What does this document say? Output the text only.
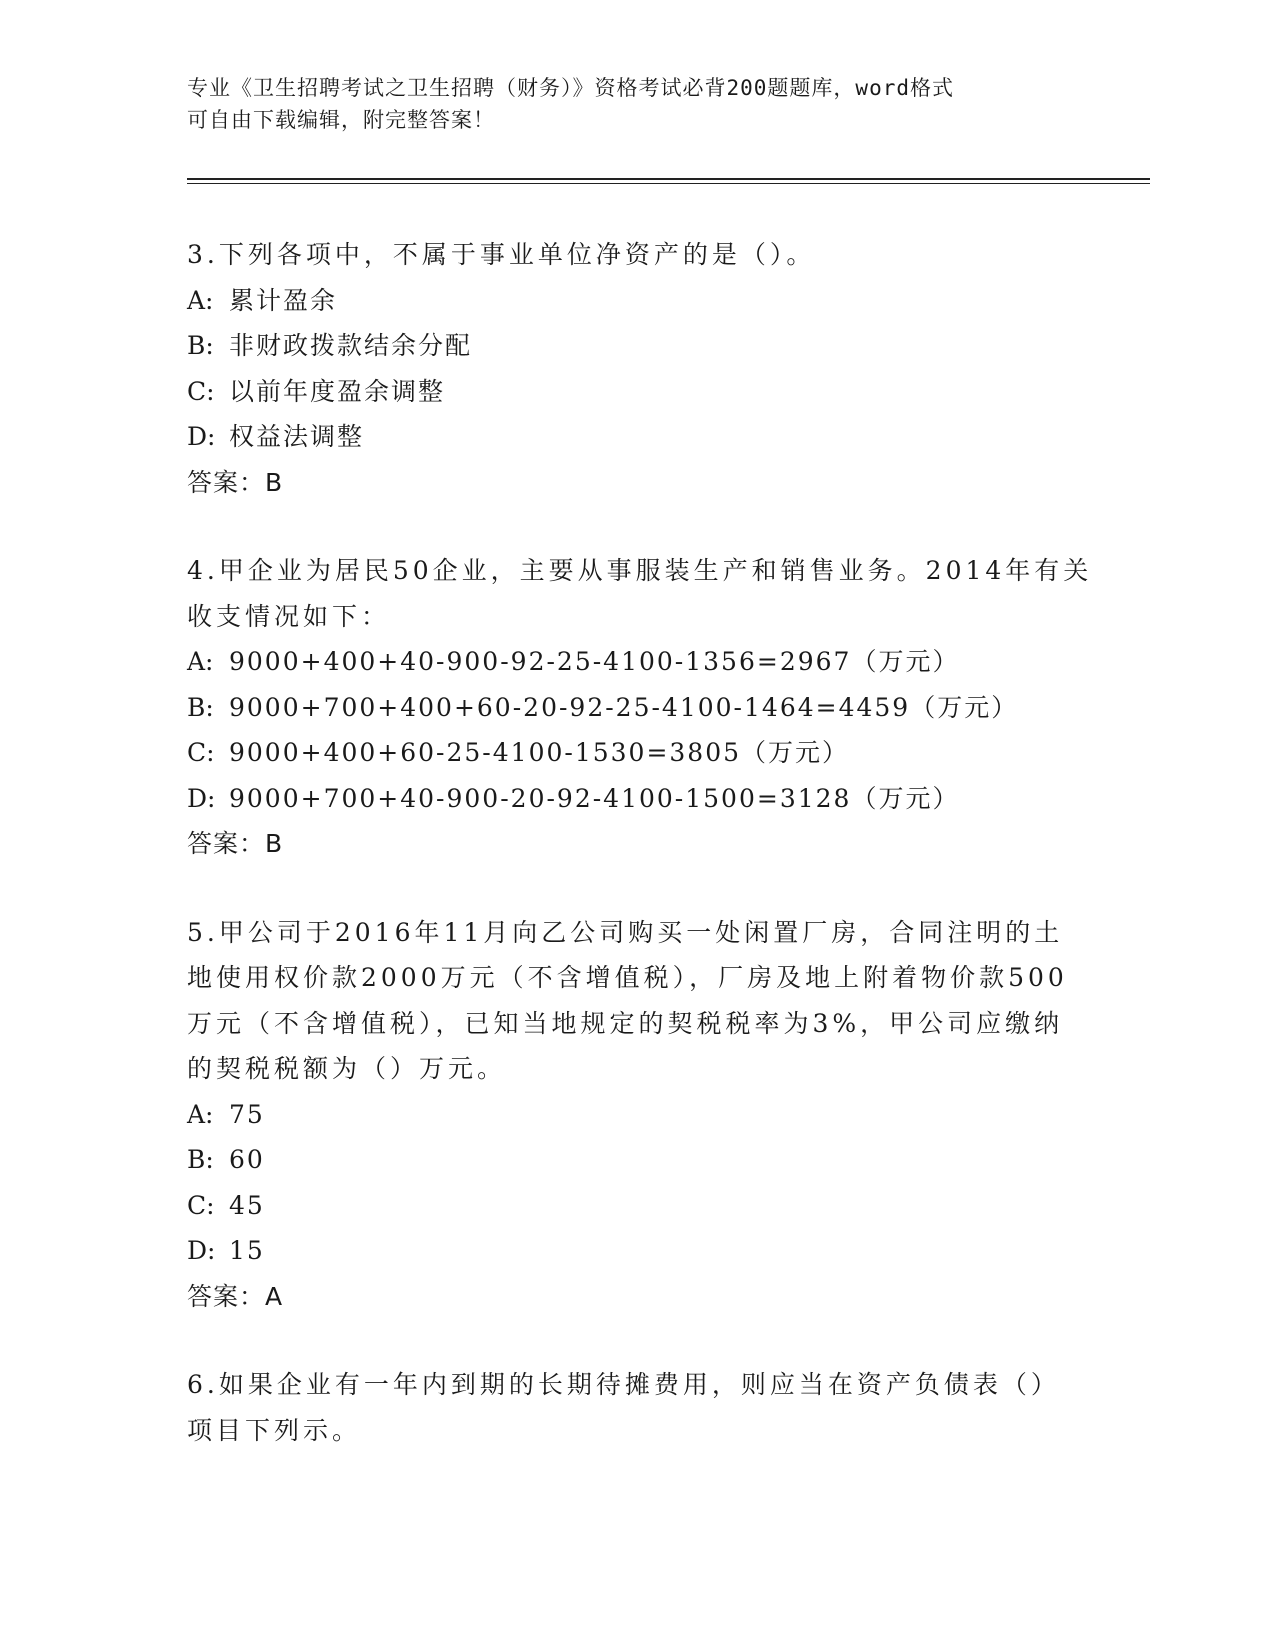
专业《卫生招聘考试之卫生招聘（财务）》资格考试必背200题题库，word格式
可自由下载编辑，附完整答案！
3.下列各项中，不属于事业单位净资产的是（）。
A: 累计盈余
B: 非财政拨款结余分配
C: 以前年度盈余调整
D: 权益法调整
答案：B
4.甲企业为居民50企业，主要从事服装生产和销售业务。2014年有关
收支情况如下：
A: 9000+400+40-900-92-25-4100-1356=2967（万元）
B: 9000+700+400+60-20-92-25-4100-1464=4459（万元）
C: 9000+400+60-25-4100-1530=3805（万元）
D: 9000+700+40-900-20-92-4100-1500=3128（万元）
答案：B
5.甲公司于2016年11月向乙公司购买一处闲置厂房，合同注明的土
地使用权价款2000万元（不含增值税），厂房及地上附着物价款500
万元（不含增值税），已知当地规定的契税税率为3%，甲公司应缴纳
的契税税额为（）万元。
A: 75
B: 60
C: 45
D: 15
答案：A
6.如果企业有一年内到期的长期待摊费用，则应当在资产负债表（）
项目下列示。
